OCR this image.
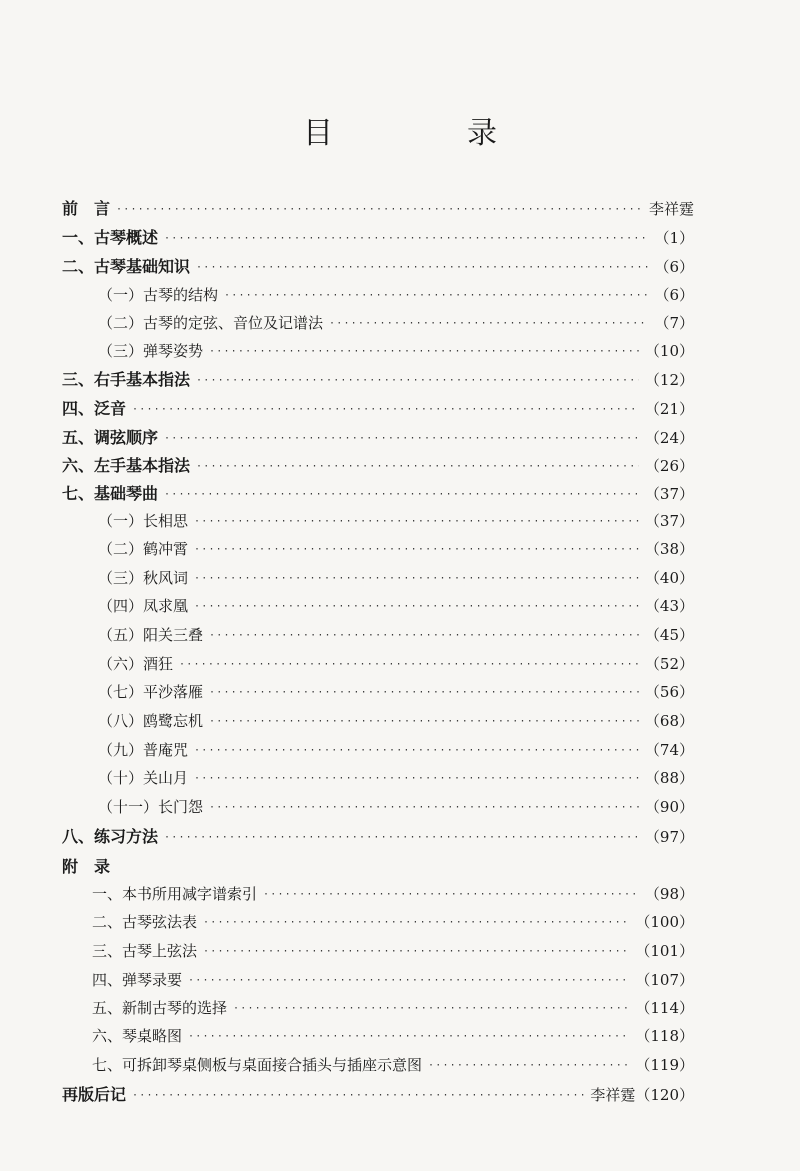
目　录
前　言 ·····	李祥霆
一、古琴概述 ·····	（1）
二、古琴基础知识 ·····	（6）
（一）古琴的结构 ·····	（6）
（二）古琴的定弦、音位及记谱法 ·····	（7）
（三）弹琴姿势 ·····	（10）
三、右手基本指法 ·····	（12）
四、泛音 ·····	（21）
五、调弦顺序 ·····	（24）
六、左手基本指法 ·····	（26）
七、基础琴曲 ·····	（37）
（一）长相思 ·····	（37）
（二）鹤冲霄 ·····	（38）
（三）秋风词 ·····	（40）
（四）凤求凰 ·····	（43）
（五）阳关三叠 ·····	（45）
（六）酒狂 ·····	（52）
（七）平沙落雁 ·····	（56）
（八）鸥鹭忘机 ·····	（68）
（九）普庵咒 ·····	（74）
（十）关山月 ·····	（88）
（十一）长门怨 ·····	（90）
八、练习方法 ·····	（97）
附　录
一、本书所用减字谱索引 ·····	（98）
二、古琴弦法表 ·····	（100）
三、古琴上弦法 ·····	（101）
四、弹琴录要 ·····	（107）
五、新制古琴的选择 ·····	（114）
六、琴桌略图 ·····	（118）
七、可拆卸琴桌侧板与桌面接合插头与插座示意图 ·····	（119）
再版后记 ·····	李祥霆（120）
